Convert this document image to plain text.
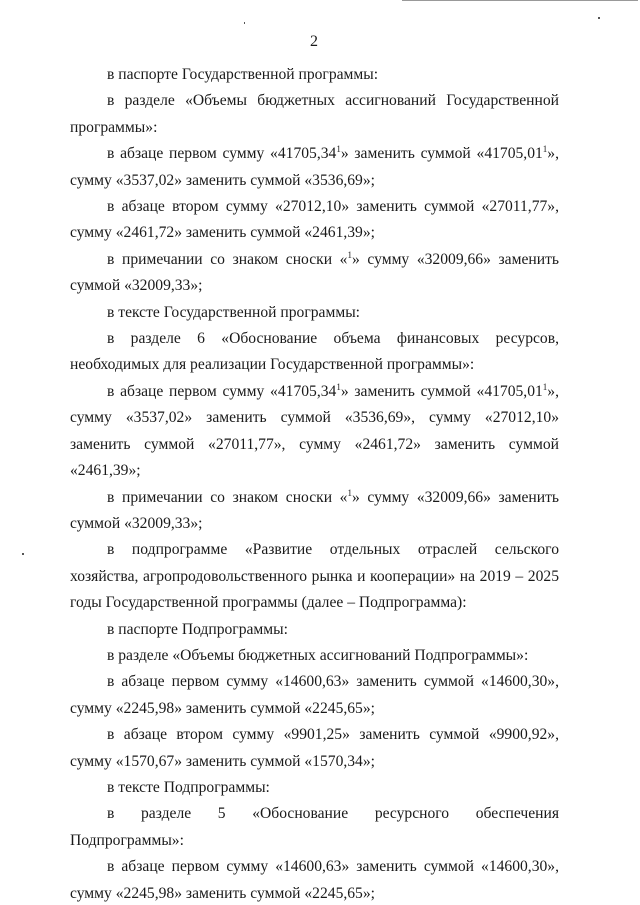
2

в паспорте Государственной программы:

в разделе «Объемы бюджетных ассигнований Государственной программы»:

в абзаце первом сумму «41705,34$^1$» заменить суммой «41705,01$^1$», сумму «3537,02» заменить суммой «3536,69»;

в абзаце втором сумму «27012,10» заменить суммой «27011,77», сумму «2461,72» заменить суммой «2461,39»;

в примечании со знаком сноски «$^1$» сумму «32009,66» заменить суммой «32009,33»;

в тексте Государственной программы:

в разделе 6 «Обоснование объема финансовых ресурсов, необходимых для реализации Государственной программы»:

в абзаце первом сумму «41705,34$^1$» заменить суммой «41705,01$^1$», сумму «3537,02» заменить суммой «3536,69», сумму «27012,10» заменить суммой «27011,77», сумму «2461,72» заменить суммой «2461,39»;

в примечании со знаком сноски «$^1$» сумму «32009,66» заменить суммой «32009,33»;

в подпрограмме «Развитие отдельных отраслей сельского хозяйства, агропродовольственного рынка и кооперации» на 2019 – 2025 годы Государственной программы (далее – Подпрограмма):

в паспорте Подпрограммы:

в разделе «Объемы бюджетных ассигнований Подпрограммы»:

в абзаце первом сумму «14600,63» заменить суммой «14600,30», сумму «2245,98» заменить суммой «2245,65»;

в абзаце втором сумму «9901,25» заменить суммой «9900,92», сумму «1570,67» заменить суммой «1570,34»;

в тексте Подпрограммы:

в разделе 5 «Обоснование ресурсного обеспечения Подпрограммы»:

в абзаце первом сумму «14600,63» заменить суммой «14600,30», сумму «2245,98» заменить суммой «2245,65»;
